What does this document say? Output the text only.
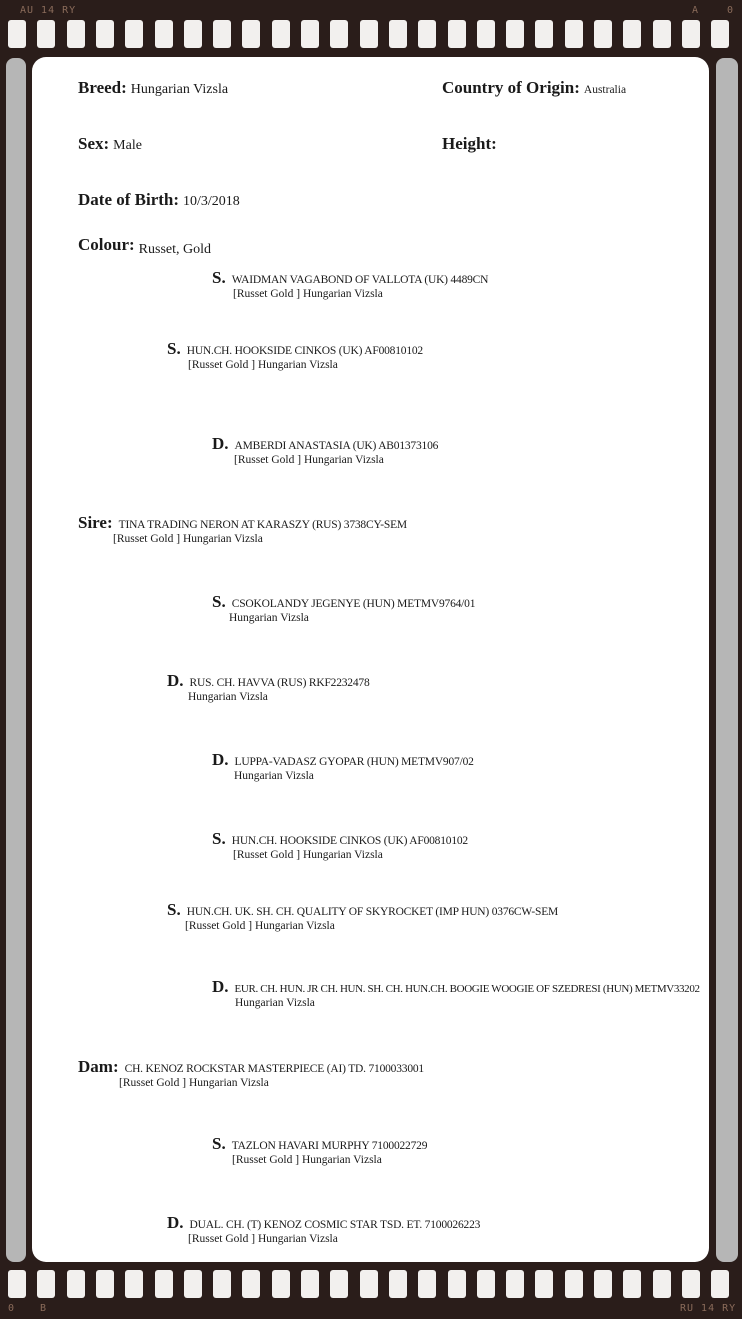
AU 14 RY	A	0
0 B	RU 14 RY
Breed: Hungarian Vizsla	Country of Origin: Australia
Sex: Male	Height:
Date of Birth: 10/3/2018
Colour: Russet, Gold
S. WAIDMAN VAGABOND OF VALLOTA (UK) 4489CN
[Russet Gold ] Hungarian Vizsla
S. HUN.CH. HOOKSIDE CINKOS (UK) AF00810102
[Russet Gold ] Hungarian Vizsla
D. AMBERDI ANASTASIA (UK) AB01373106
[Russet Gold ] Hungarian Vizsla
Sire: TINA TRADING NERON AT KARASZY (RUS) 3738CY-SEM
[Russet Gold ] Hungarian Vizsla
S. CSOKOLANDY JEGENYE (HUN) METMV9764/01
Hungarian Vizsla
D. RUS. CH. HAVVA (RUS) RKF2232478
Hungarian Vizsla
D. LUPPA-VADASZ GYOPAR (HUN) METMV907/02
Hungarian Vizsla
S. HUN.CH. HOOKSIDE CINKOS (UK) AF00810102
[Russet Gold ] Hungarian Vizsla
S. HUN.CH. UK. SH. CH. QUALITY OF SKYROCKET (IMP HUN) 0376CW-SEM
[Russet Gold ] Hungarian Vizsla
D. EUR. CH. HUN. JR CH. HUN. SH. CH. HUN.CH. BOOGIE WOOGIE OF SZEDRESI (HUN) METMV33202
Hungarian Vizsla
Dam: CH. KENOZ ROCKSTAR MASTERPIECE (AI) TD. 7100033001
[Russet Gold ] Hungarian Vizsla
S. TAZLON HAVARI MURPHY 7100022729
[Russet Gold ] Hungarian Vizsla
D. DUAL. CH. (T) KENOZ COSMIC STAR TSD. ET. 7100026223
[Russet Gold ] Hungarian Vizsla
